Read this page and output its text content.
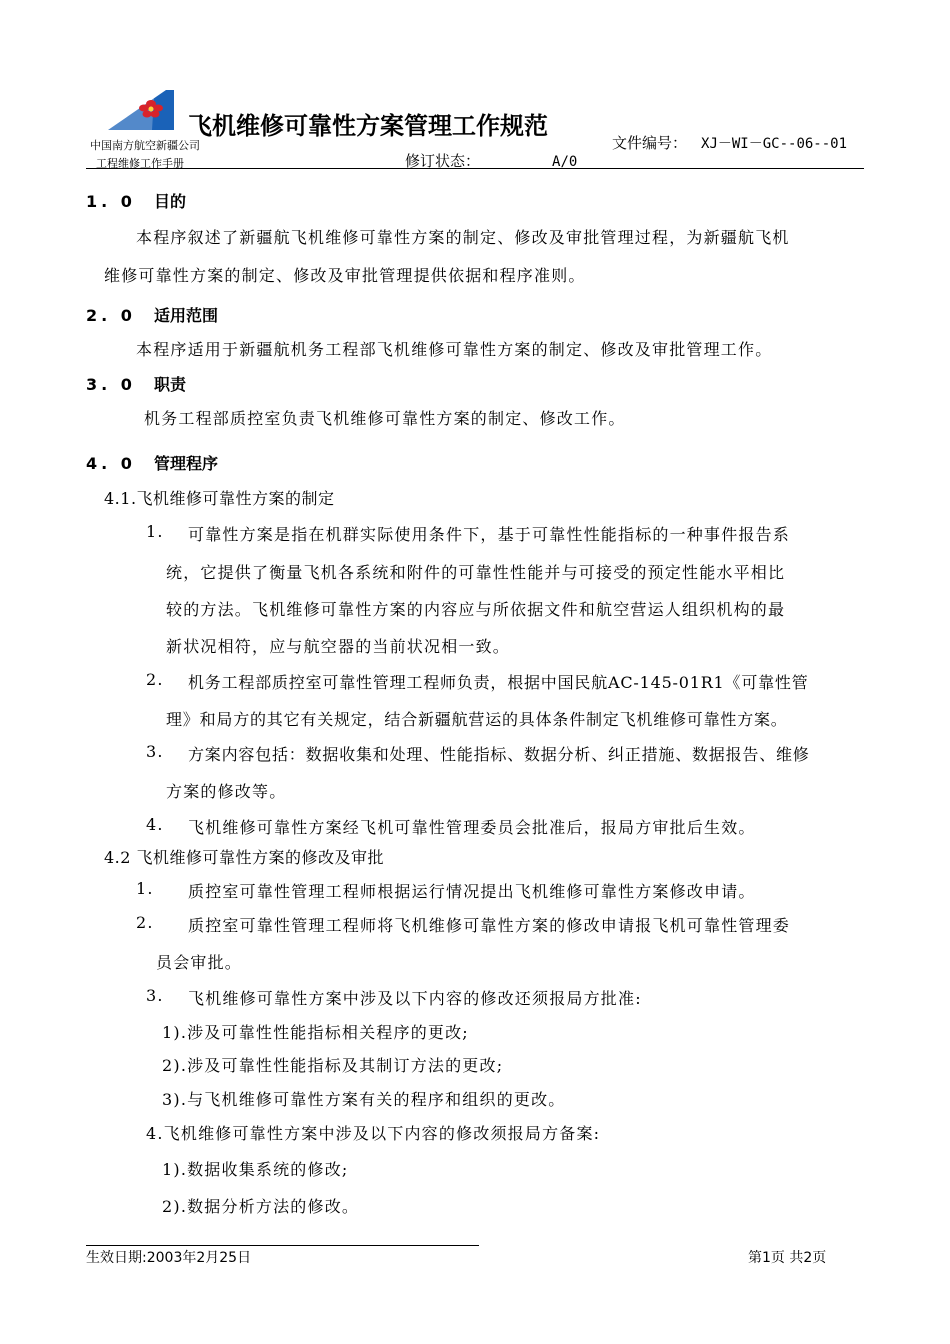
飞机维修可靠性方案管理工作规范
中国南方航空新疆公司
工程维修工作手册
文件编号： XJ－WI－GC--06--01
修订状态：	A/0
1. 0 目的
本程序叙述了新疆航飞机维修可靠性方案的制定、修改及审批管理过程，为新疆航飞机
维修可靠性方案的制定、修改及审批管理提供依据和程序准则。
2. 0 适用范围
本程序适用于新疆航机务工程部飞机维修可靠性方案的制定、修改及审批管理工作。
3. 0 职责
机务工程部质控室负责飞机维修可靠性方案的制定、修改工作。
4. 0 管理程序
4.1.飞机维修可靠性方案的制定
1. 可靠性方案是指在机群实际使用条件下，基于可靠性性能指标的一种事件报告系
统，它提供了衡量飞机各系统和附件的可靠性性能并与可接受的预定性能水平相比
较的方法。飞机维修可靠性方案的内容应与所依据文件和航空营运人组织机构的最
新状况相符，应与航空器的当前状况相一致。
2. 机务工程部质控室可靠性管理工程师负责，根据中国民航AC-145-01R1《可靠性管
理》和局方的其它有关规定，结合新疆航营运的具体条件制定飞机维修可靠性方案。
3. 方案内容包括：数据收集和处理、性能指标、数据分析、纠正措施、数据报告、维修
方案的修改等。
4. 飞机维修可靠性方案经飞机可靠性管理委员会批准后，报局方审批后生效。
4.2 飞机维修可靠性方案的修改及审批
1. 质控室可靠性管理工程师根据运行情况提出飞机维修可靠性方案修改申请。
2. 质控室可靠性管理工程师将飞机维修可靠性方案的修改申请报飞机可靠性管理委
员会审批。
3. 飞机维修可靠性方案中涉及以下内容的修改还须报局方批准:
1).涉及可靠性性能指标相关程序的更改;
2).涉及可靠性性能指标及其制订方法的更改;
3).与飞机维修可靠性方案有关的程序和组织的更改。
4.飞机维修可靠性方案中涉及以下内容的修改须报局方备案:
1).数据收集系统的修改;
2).数据分析方法的修改。
生效日期:2003年2月25日	第1页 共2页
